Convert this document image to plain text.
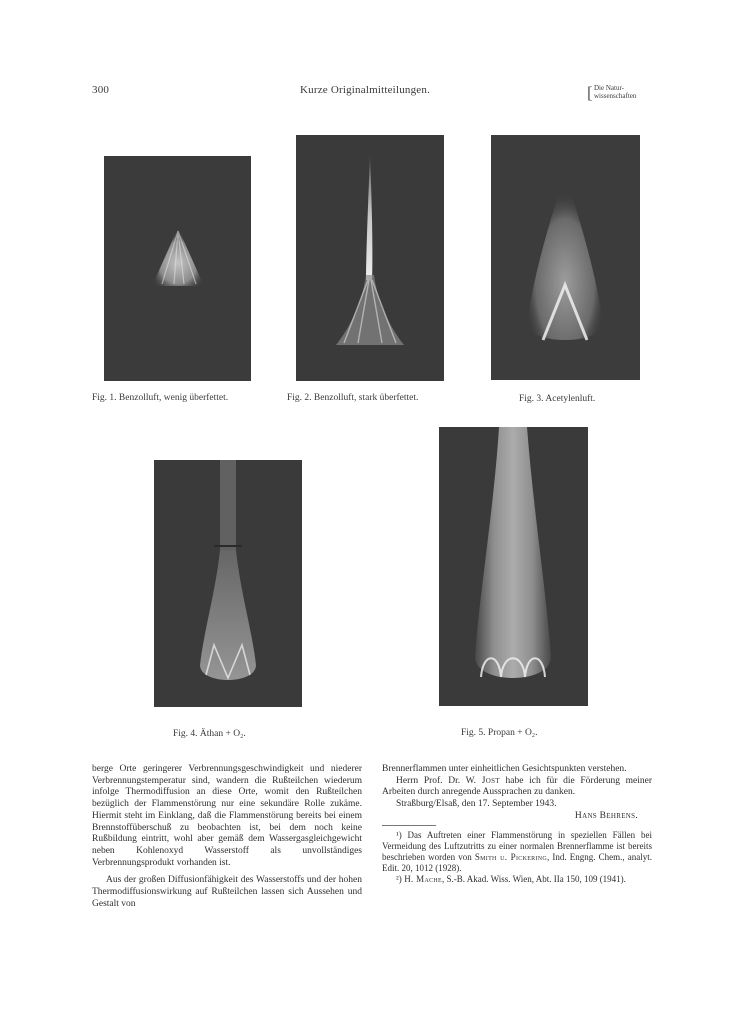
300	Kurze Originalmitteilungen.	[ Die Natur-
wissenschaften
Fig. 1. Benzolluft, wenig überfettet.	Fig. 2. Benzolluft, stark überfettet.	Fig. 3. Acetylenluft.
Fig. 4. Äthan + O₂.	Fig. 5. Propan + O₂.

berge Orte geringerer Verbrennungsgeschwindigkeit und niederer Verbrennungstemperatur sind, wandern die Rußteilchen wiederum infolge Thermodiffusion an diese Orte, womit den Rußteilchen bezüglich der Flammenstörung nur eine sekundäre Rolle zukäme. Hiermit steht im Einklang, daß die Flammenstörung bereits bei einem Brennstoffüberschuß zu beobachten ist, bei dem noch keine Rußbildung eintritt, wohl aber gemäß dem Wassergasgleichgewicht neben Kohlenoxyd Wasserstoff als unvollständiges Verbrennungsprodukt vorhanden ist.

Aus der großen Diffusionfähigkeit des Wasserstoffs und der hohen Thermodiffusionswirkung auf Rußteilchen lassen sich Aussehen und Gestalt von

Brennerflammen unter einheitlichen Gesichtspunkten verstehen.

Herrn Prof. Dr. W. Jost habe ich für die Förderung meiner Arbeiten durch anregende Aussprachen zu danken.

Straßburg/Elsaß, den 17. September 1943.

Hans Behrens.

¹) Das Auftreten einer Flammenstörung in speziellen Fällen bei Vermeidung des Luftzutritts zu einer normalen Brennerflamme ist bereits beschrieben worden von Smith u. Pickering, Ind. Engng. Chem., analyt. Edit. 20, 1012 (1928).

²) H. Mache, S.-B. Akad. Wiss. Wien, Abt. IIa 150, 109 (1941).
